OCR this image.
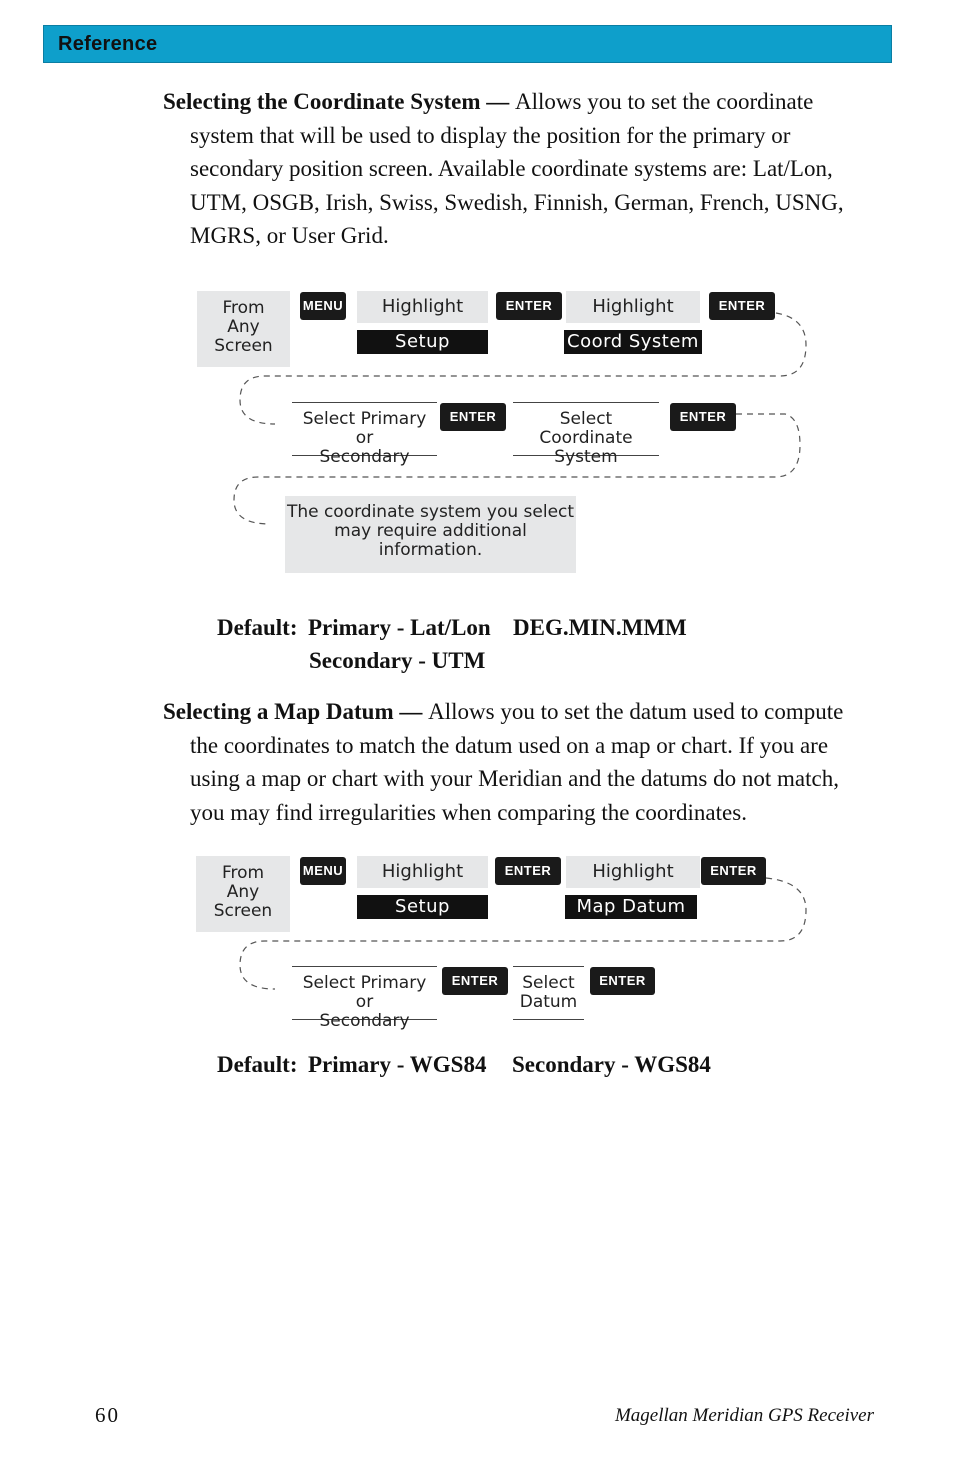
Reference
Selecting the Coordinate System — Allows you to set the coordinate
system that will be used to display the position for the primary or
secondary position screen. Available coordinate systems are: Lat/Lon,
UTM, OSGB, Irish, Swiss, Swedish, Finnish, German, French, USNG,
MGRS, or User Grid.
From
Any
Screen
MENU	Highlight
Setup
ENTER	Highlight
Coord System
ENTER
Select Primary or
Secondary
ENTER	Select Coordinate
System
ENTER
The coordinate system you select
may require additional
information.
Default: Primary - Lat/Lon DEG.MIN.MMM
Secondary - UTM
Selecting a Map Datum — Allows you to set the datum used to compute
the coordinates to match the datum used on a map or chart. If you are
using a map or chart with your Meridian and the datums do not match,
you may find irregularities when comparing the coordinates.
From
Any
Screen
MENU	Highlight
Setup
ENTER	Highlight
Map Datum
ENTER
Select Primary or
Secondary
ENTER	Select
Datum
ENTER
Default: Primary - WGS84 Secondary - WGS84
60	Magellan Meridian GPS Receiver
